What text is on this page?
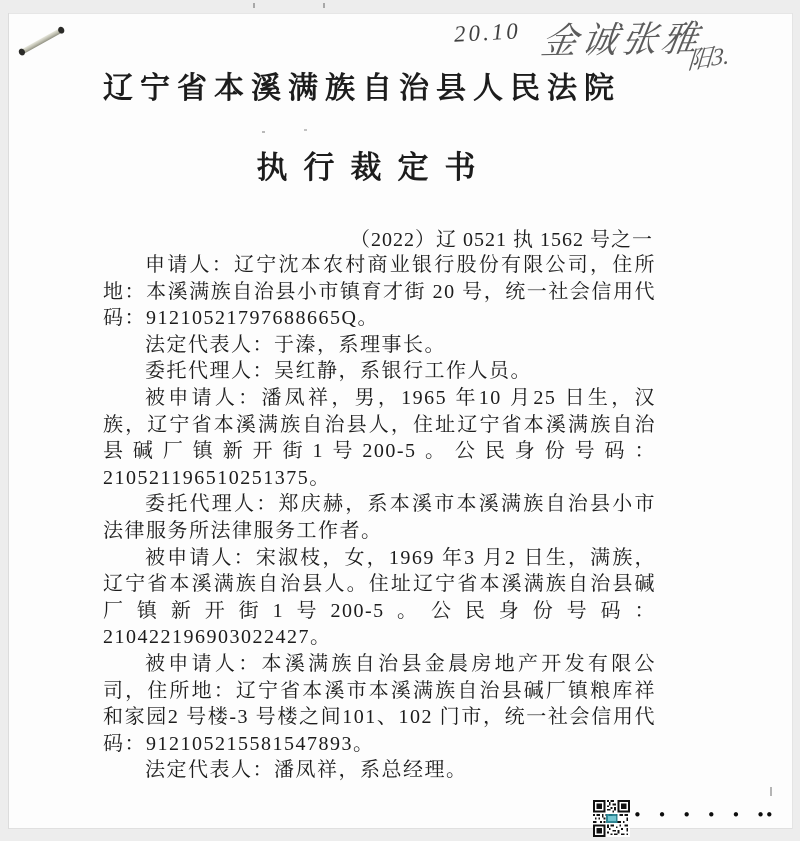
20.10 金诚张雅
阳3.
辽宁省本溪满族自治县人民法院
执行裁定书
（2022）辽 0521 执 1562 号之一

申请人：辽宁沈本农村商业银行股份有限公司，住所地：本溪满族自治县小市镇育才街 20 号，统一社会信用代码：91210521797688665Q。

法定代表人：于溱，系理事长。

委托代理人：吴红静，系银行工作人员。

被申请人：潘凤祥，男，1965 年10 月25 日生，汉族，辽宁省本溪满族自治县人，住址辽宁省本溪满族自治县碱厂镇新开街1号200-5。公民身份号码：210521196510251375。

委托代理人：郑庆赫，系本溪市本溪满族自治县小市法律服务所法律服务工作者。

被申请人：宋淑枝，女，1969 年3 月2 日生，满族，辽宁省本溪满族自治县人。住址辽宁省本溪满族自治县碱厂镇新开街1号200-5。公民身份号码：210422196903022427。

被申请人：本溪满族自治县金晨房地产开发有限公司，住所地：辽宁省本溪市本溪满族自治县碱厂镇粮库祥和家园2 号楼-3 号楼之间101、102 门市，统一社会信用代码：912105215581547893。

法定代表人：潘凤祥，系总经理。

• • • • • ••
